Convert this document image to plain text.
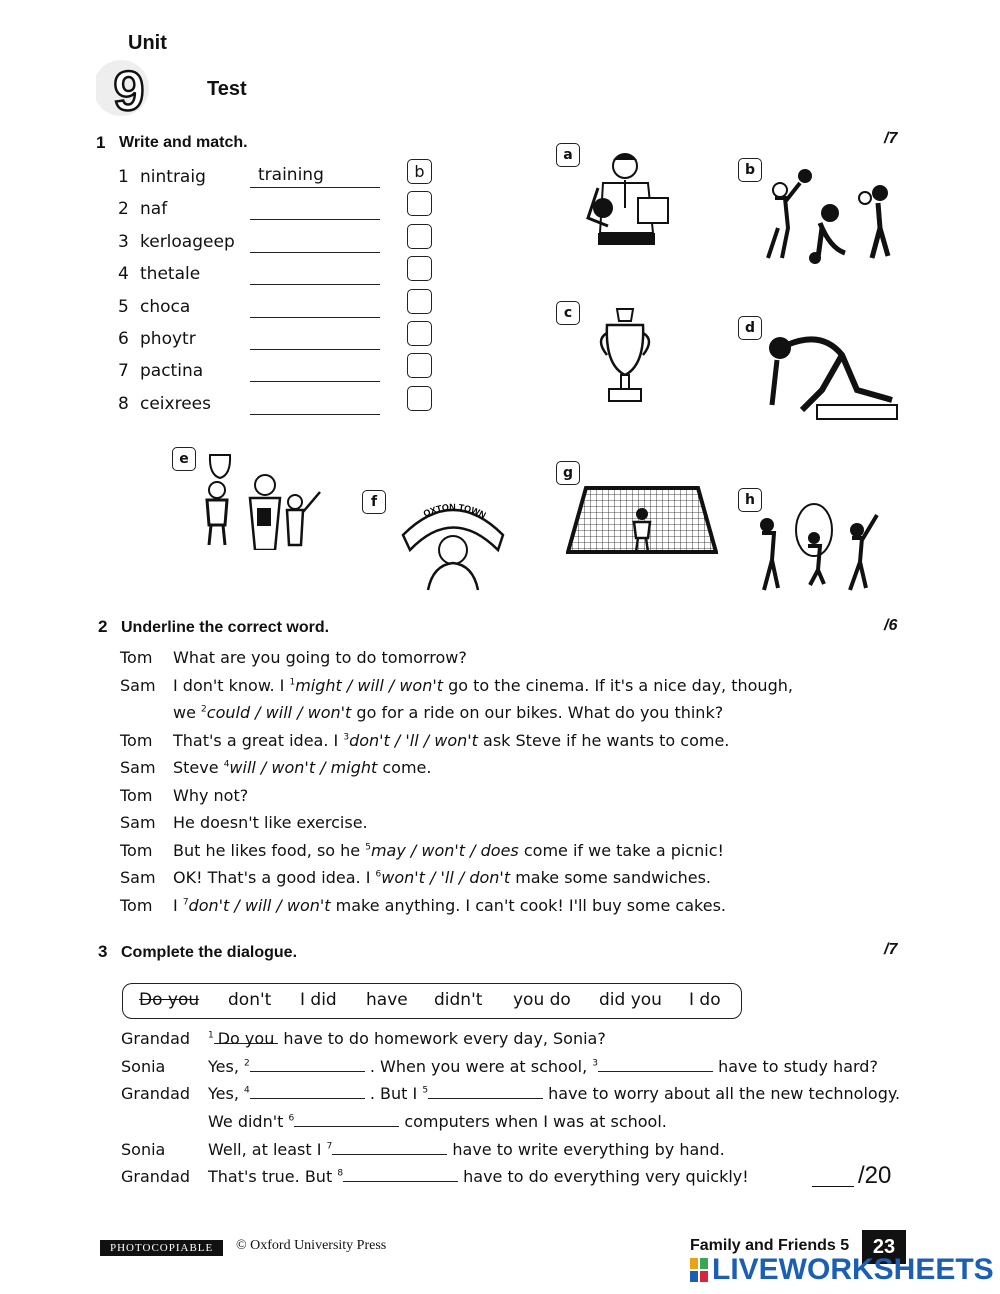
Unit
9	Test
1 Write and match.	/7
1 nintraig	training	b
2 naf
3 kerloageep
4 thetale
5 choca
6 phoytr
7 pactina
8 ceixrees
a
b
c
d
e
f
OXTON TOWN
g
h
2 Underline the correct word.	/6
Tom What are you going to do tomorrow?
Sam I don't know. I $^1$might / will / won't go to the cinema. If it's a nice day, though,
we $^2$could / will / won't go for a ride on our bikes. What do you think?
Tom That's a great idea. I $^3$don't / 'll / won't ask Steve if he wants to come.
Sam Steve $^4$will / won't / might come.
Tom Why not?
Sam He doesn't like exercise.
Tom But he likes food, so he $^5$may / won't / does come if we take a picnic!
Sam OK! That's a good idea. I $^6$won't / 'll / don't make some sandwiches.
Tom I $^7$don't / will / won't make anything. I can't cook! I'll buy some cakes.
3 Complete the dialogue.	/7
Do you don't I did have didn't you do did you I do
Grandad $^1$ Do you have to do homework every day, Sonia?
Sonia	Yes, $^2$	. When you were at school, $^3$	have to study hard?
Grandad Yes, $^4$	. But I $^5$	have to worry about all the new technology.
We didn't $^6$	computers when I was at school.
Sonia	Well, at least I $^7$	have to write everything by hand.
Grandad That's true. But $^8$	have to do everything very quickly!	/20
PHOTOCOPIABLE	© Oxford University Press	Family and Friends 5	23
LIVEWORKSHEETS
